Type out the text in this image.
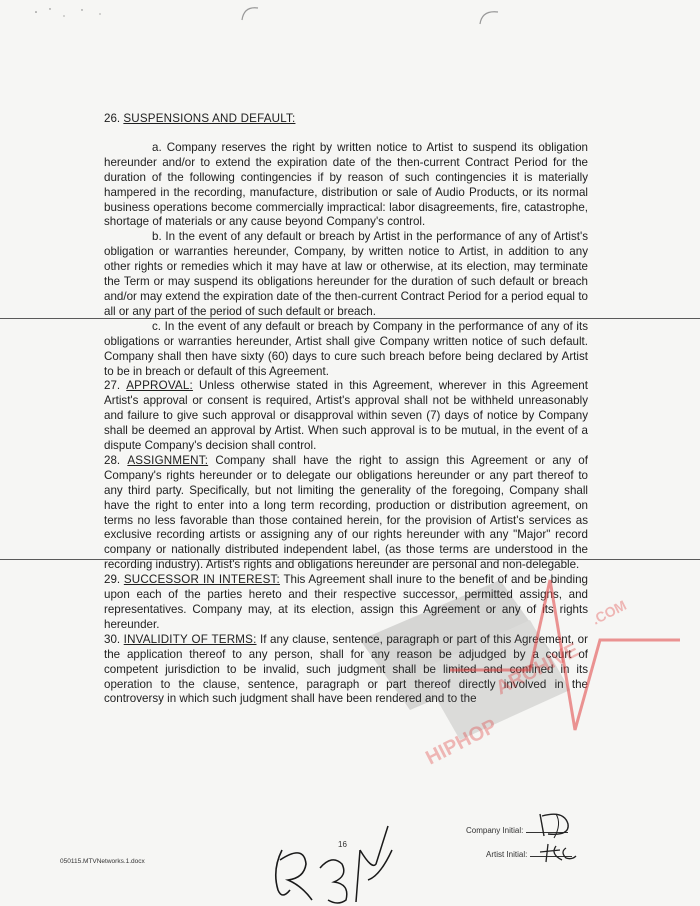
26. SUSPENSIONS AND DEFAULT:

a. Company reserves the right by written notice to Artist to suspend its obligation hereunder and/or to extend the expiration date of the then-current Contract Period for the duration of the following contingencies if by reason of such contingencies it is materially hampered in the recording, manufacture, distribution or sale of Audio Products, or its normal business operations become commercially impractical: labor disagreements, fire, catastrophe, shortage of materials or any cause beyond Company's control.

b. In the event of any default or breach by Artist in the performance of any of Artist's obligation or warranties hereunder, Company, by written notice to Artist, in addition to any other rights or remedies which it may have at law or otherwise, at its election, may terminate the Term or may suspend its obligations hereunder for the duration of such default or breach and/or may extend the expiration date of the then-current Contract Period for a period equal to all or any part of the period of such default or breach.

c. In the event of any default or breach by Company in the performance of any of its obligations or warranties hereunder, Artist shall give Company written notice of such default. Company shall then have sixty (60) days to cure such breach before being declared by Artist to be in breach or default of this Agreement.

27. APPROVAL: Unless otherwise stated in this Agreement, wherever in this Agreement Artist's approval or consent is required, Artist's approval shall not be withheld unreasonably and failure to give such approval or disapproval within seven (7) days of notice by Company shall be deemed an approval by Artist. When such approval is to be mutual, in the event of a dispute Company's decision shall control.

28. ASSIGNMENT: Company shall have the right to assign this Agreement or any of Company's rights hereunder or to delegate our obligations hereunder or any part thereof to any third party. Specifically, but not limiting the generality of the foregoing, Company shall have the right to enter into a long term recording, production or distribution agreement, on terms no less favorable than those contained herein, for the provision of Artist's services as exclusive recording artists or assigning any of our rights hereunder with any "Major" record company or nationally distributed independent label, (as those terms are understood in the recording industry). Artist's rights and obligations hereunder are personal and non-delegable.

29. SUCCESSOR IN INTEREST: This Agreement shall inure to the benefit of and be binding upon each of the parties hereto and their respective successor, permitted assigns, and representatives. Company may, at its election, assign this Agreement or any of its rights hereunder.

30. INVALIDITY OF TERMS: If any clause, sentence, paragraph or part of this Agreement, or the application thereof to any person, shall for any reason be adjudged by a court of competent jurisdiction to be invalid, such judgment shall be limited and confined in its operation to the clause, sentence, paragraph or part thereof directly involved in the controversy in which such judgment shall have been rendered and to the

HIPHOP
ARCHIVE
.COM
050115.MTVNetworks.1.docx
16
Company Initial:
Artist Initial:
